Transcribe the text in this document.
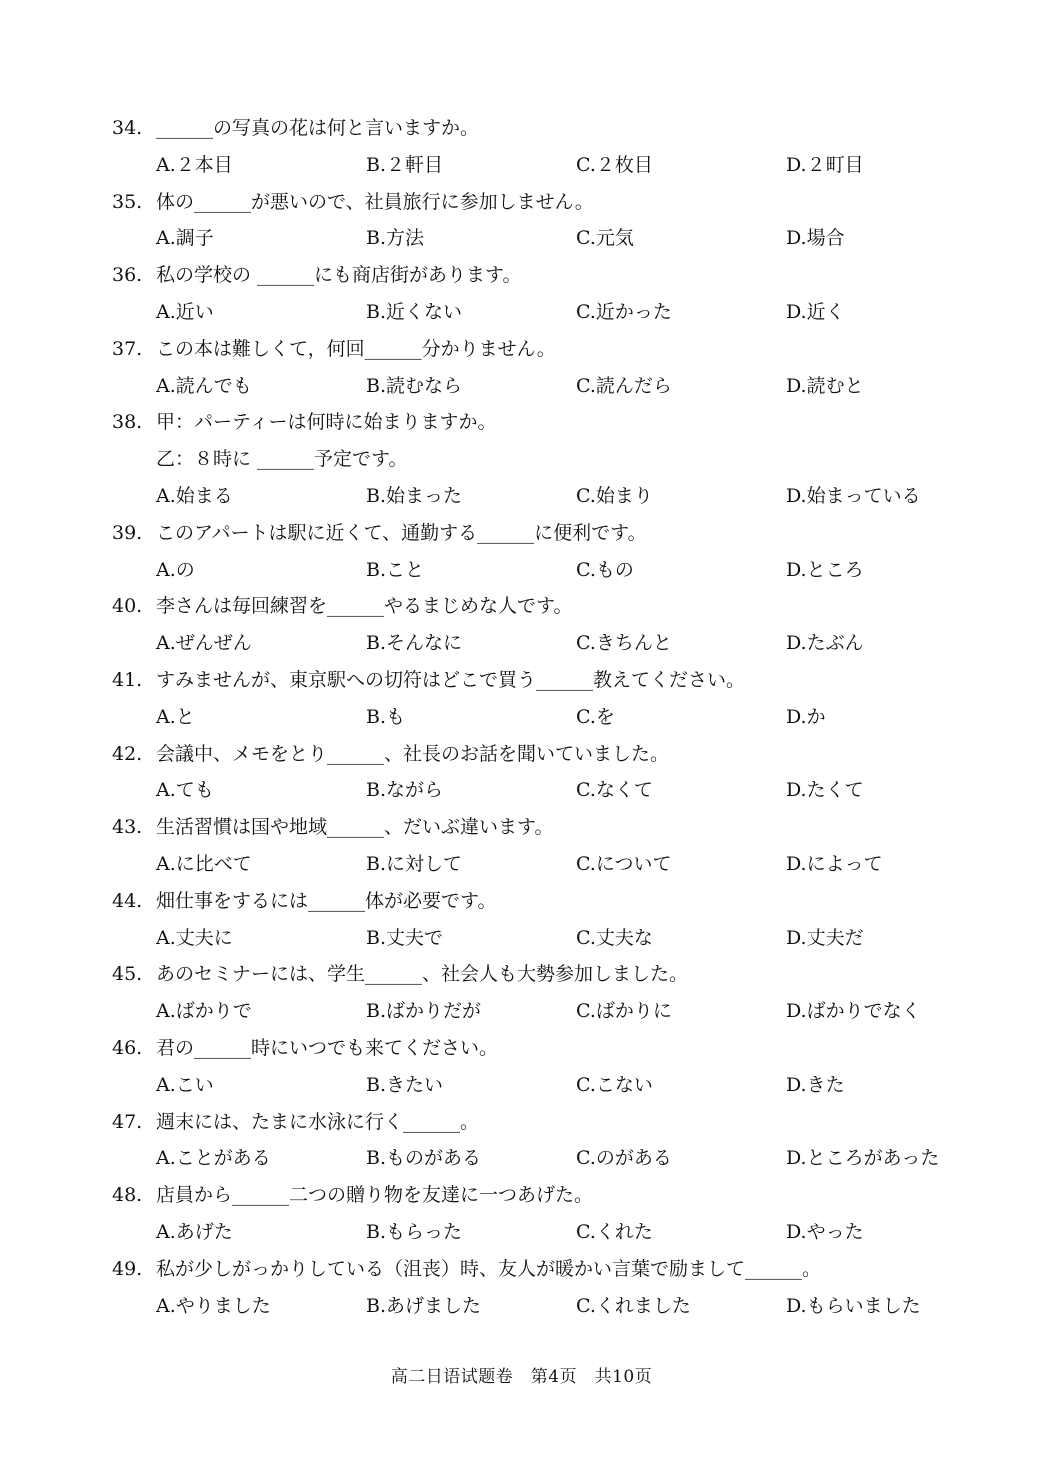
34. ______の写真の花は何と言いますか。
A.２本目	B.２軒目	C.２枚目	D.２町目
35. 体の______が悪いので、社員旅行に参加しません。
A.調子	B.方法	C.元気	D.場合
36. 私の学校の ______にも商店街があります。
A.近い	B.近くない	C.近かった	D.近く
37. この本は難しくて，何回______分かりません。
A.読んでも	B.読むなら	C.読んだら	D.読むと
38. 甲：パーティーは何時に始まりますか。
乙：８時に ______予定です。
A.始まる	B.始まった	C.始まり	D.始まっている
39. このアパートは駅に近くて、通勤する______に便利です。
A.の	B.こと	C.もの	D.ところ
40. 李さんは毎回練習を______やるまじめな人です。
A.ぜんぜん	B.そんなに	C.きちんと	D.たぶん
41. すみませんが、東京駅への切符はどこで買う______教えてください。
A.と	B.も	C.を	D.か
42. 会議中、メモをとり______、社長のお話を聞いていました。
A.ても	B.ながら	C.なくて	D.たくて
43. 生活習慣は国や地域______、だいぶ違います。
A.に比べて	B.に対して	C.について	D.によって
44. 畑仕事をするには______体が必要です。
A.丈夫に	B.丈夫で	C.丈夫な	D.丈夫だ
45. あのセミナーには、学生______、社会人も大勢参加しました。
A.ばかりで	B.ばかりだが	C.ばかりに	D.ばかりでなく
46. 君の______時にいつでも来てください。
A.こい	B.きたい	C.こない	D.きた
47. 週末には、たまに水泳に行く______。
A.ことがある	B.ものがある	C.のがある	D.ところがあった
48. 店員から______二つの贈り物を友達に一つあげた。
A.あげた	B.もらった	C.くれた	D.やった
49. 私が少しがっかりしている（沮丧）時、友人が暖かい言葉で励まして______。
A.やりました	B.あげました	C.くれました	D.もらいました
高二日语试题卷　第4页　共10页
